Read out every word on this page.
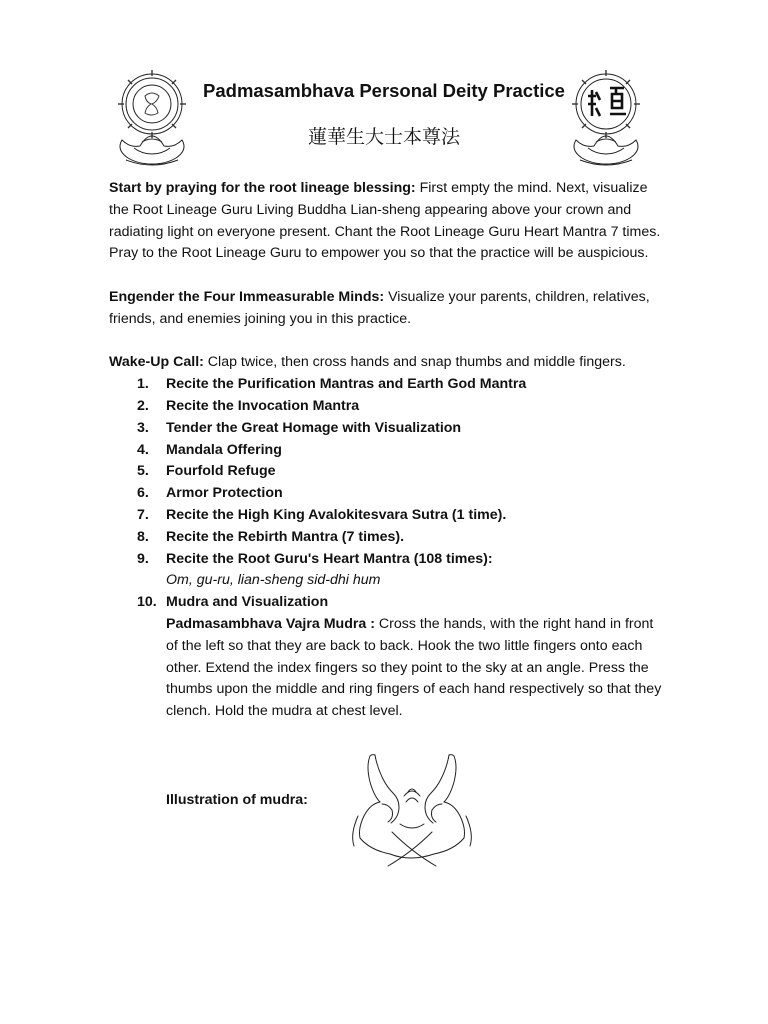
Padmasambhava Personal Deity Practice
蓮華生大士本尊法

Start by praying for the root lineage blessing: First empty the mind. Next, visualize the Root Lineage Guru Living Buddha Lian-sheng appearing above your crown and radiating light on everyone present. Chant the Root Lineage Guru Heart Mantra 7 times. Pray to the Root Lineage Guru to empower you so that the practice will be auspicious.

Engender the Four Immeasurable Minds: Visualize your parents, children, relatives, friends, and enemies joining you in this practice.

Wake-Up Call: Clap twice, then cross hands and snap thumbs and middle fingers.

1. Recite the Purification Mantras and Earth God Mantra
2. Recite the Invocation Mantra
3. Tender the Great Homage with Visualization
4. Mandala Offering
5. Fourfold Refuge
6. Armor Protection
7. Recite the High King Avalokitesvara Sutra (1 time).
8. Recite the Rebirth Mantra (7 times).
9. Recite the Root Guru's Heart Mantra (108 times):
Om, gu-ru, lian-sheng sid-dhi hum
10. Mudra and Visualization
Padmasambhava Vajra Mudra : Cross the hands, with the right hand in front of the left so that they are back to back. Hook the two little fingers onto each other. Extend the index fingers so they point to the sky at an angle. Press the thumbs upon the middle and ring fingers of each hand respectively so that they clench. Hold the mudra at chest level.
Illustration of mudra:
